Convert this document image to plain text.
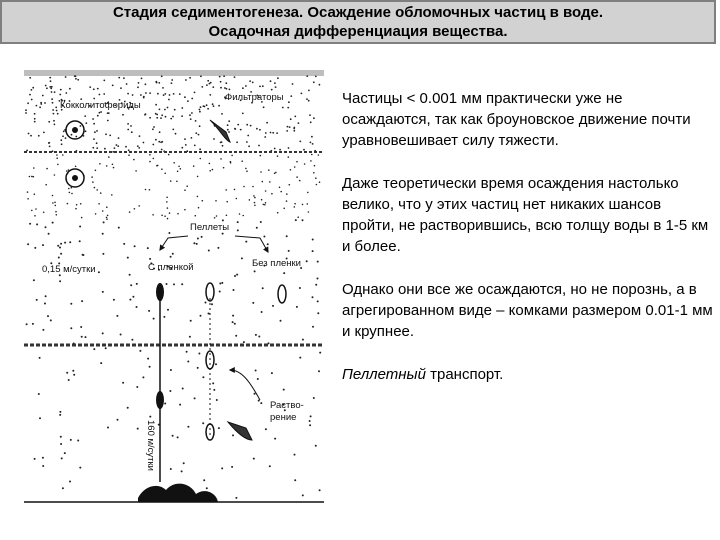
Стадия седиментогенеза. Осаждение обломочных частиц в воде.
Осадочная дифференциация вещества.
Кокколитофориды
Фильтраторы
Пеллеты
С пленкой	Без пленки
0,15 м/сутки
160 м/сутки
Раство-
рение

Частицы < 0.001 мм практически уже не осаждаются, так как броуновское движение почти уравновешивает силу тяжести.

Даже теоретически время осаждения настолько велико, что у этих частиц нет никаких шансов пройти, не растворившись, всю толщу воды в 1-5 км и более.

Однако они все же осаждаются, но не порознь, а в агрегированном виде – комками размером 0.01-1 мм и крупнее.

Пеллетный транспорт.
